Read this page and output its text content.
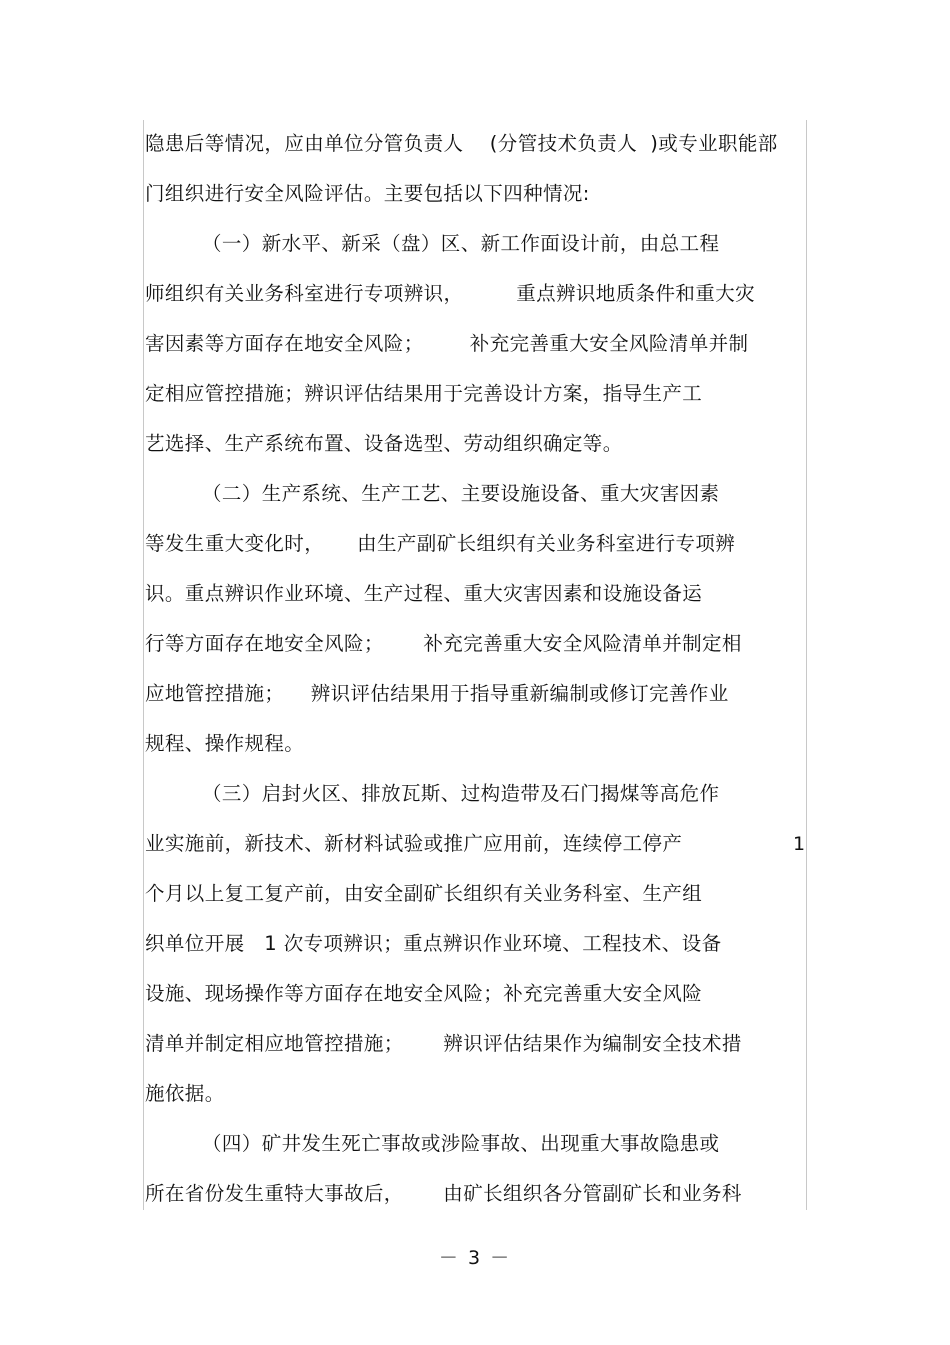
隐患后等情况，应由单位分管负责人    (分管技术负责人  )或专业职能部
门组织进行安全风险评估。主要包括以下四种情况:
（一）新水平、新采（盘）区、新工作面设计前，由总工程
师组织有关业务科室进行专项辨识，        重点辨识地质条件和重大灾
害因素等方面存在地安全风险；       补充完善重大安全风险清单并制
定相应管控措施；辨识评估结果用于完善设计方案，指导生产工
艺选择、生产系统布置、设备选型、劳动组织确定等。
（二）生产系统、生产工艺、主要设施设备、重大灾害因素
等发生重大变化时，     由生产副矿长组织有关业务科室进行专项辨
识。重点辨识作业环境、生产过程、重大灾害因素和设施设备运
行等方面存在地安全风险；      补充完善重大安全风险清单并制定相
应地管控措施；    辨识评估结果用于指导重新编制或修订完善作业
规程、操作规程。
（三）启封火区、排放瓦斯、过构造带及石门揭煤等高危作
业实施前，新技术、新材料试验或推广应用前，连续停工停产	1
个月以上复工复产前，由安全副矿长组织有关业务科室、生产组
织单位开展   1 次专项辨识；重点辨识作业环境、工程技术、设备
设施、现场操作等方面存在地安全风险；补充完善重大安全风险
清单并制定相应地管控措施；      辨识评估结果作为编制安全技术措
施依据。
（四）矿井发生死亡事故或涉险事故、出现重大事故隐患或
所在省份发生重特大事故后，      由矿长组织各分管副矿长和业务科
－ 3 －
